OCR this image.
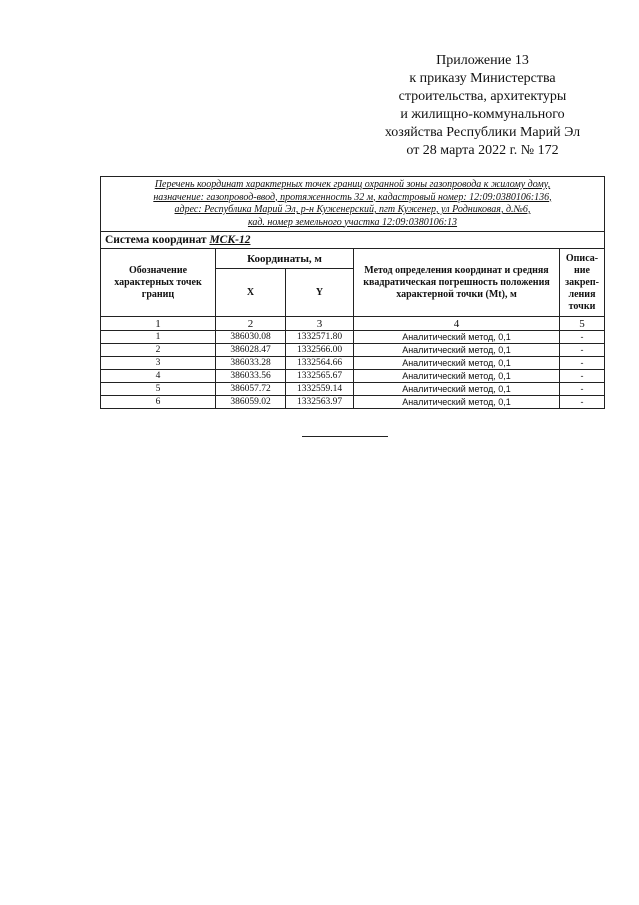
Приложение 13
к приказу Министерства
строительства, архитектуры
и жилищно-коммунального
хозяйства Республики Марий Эл
от 28 марта 2022 г. № 172
Перечень координат характерных точек границ охранной зоны газопровода к жилому дому,
назначение: газопровод-ввод, протяженность 32 м, кадастровый номер: 12:09:0380106:136,
адрес: Республика Марий Эл, р-н Куженерский, пгт Куженер, ул Родниковая, д.№6,
кад. номер земельного участка 12:09:0380106:13				

Система координат МСК-12				
Обозначение характерных точек границ	Координаты, м		Метод определения координат и средняя квадратическая погрешность положения характерной точки (Mt), м	Описа-ние закреп-ления точки
	X	Y		
1	2	3	4	5
1	386030.08	1332571.80	Аналитический метод, 0,1	-
2	386028.47	1332566.00	Аналитический метод, 0,1	-
3	386033.28	1332564.66	Аналитический метод, 0,1	-
4	386033.56	1332565.67	Аналитический метод, 0,1	-
5	386057.72	1332559.14	Аналитический метод, 0,1	-
6	386059.02	1332563.97	Аналитический метод, 0,1	-
